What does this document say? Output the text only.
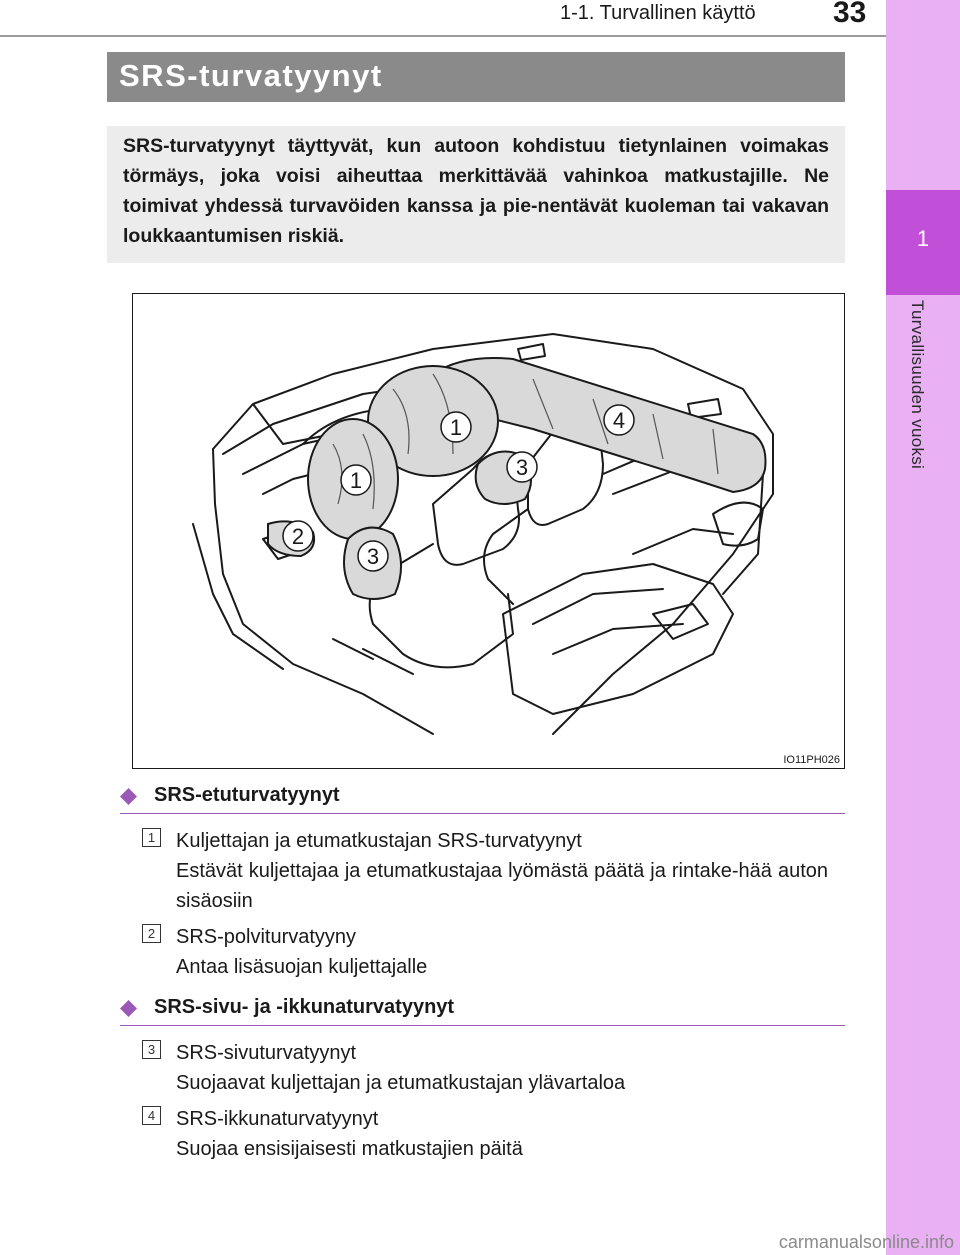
1-1. Turvallinen käyttö	33
1
Turvallisuuden vuoksi
SRS-turvatyynyt

SRS-turvatyynyt täyttyvät, kun autoon kohdistuu tietynlainen voimakas törmäys, joka voisi aiheuttaa merkittävää vahinkoa matkustajille. Ne toimivat yhdessä turvavöiden kanssa ja pie-nentävät kuoleman tai vakavan loukkaantumisen riskiä.

1
1
2
3
3
4
IO11PH026
SRS-etuturvatyynyt
1 Kuljettajan ja etumatkustajan SRS-turvatyynyt
Estävät kuljettajaa ja etumatkustajaa lyömästä päätä ja rintake-hää auton sisäosiin
2 SRS-polviturvatyyny
Antaa lisäsuojan kuljettajalle
SRS-sivu- ja -ikkunaturvatyynyt
3 SRS-sivuturvatyynyt
Suojaavat kuljettajan ja etumatkustajan ylävartaloa
4 SRS-ikkunaturvatyynyt
Suojaa ensisijaisesti matkustajien päitä
carmanualsonline.info
